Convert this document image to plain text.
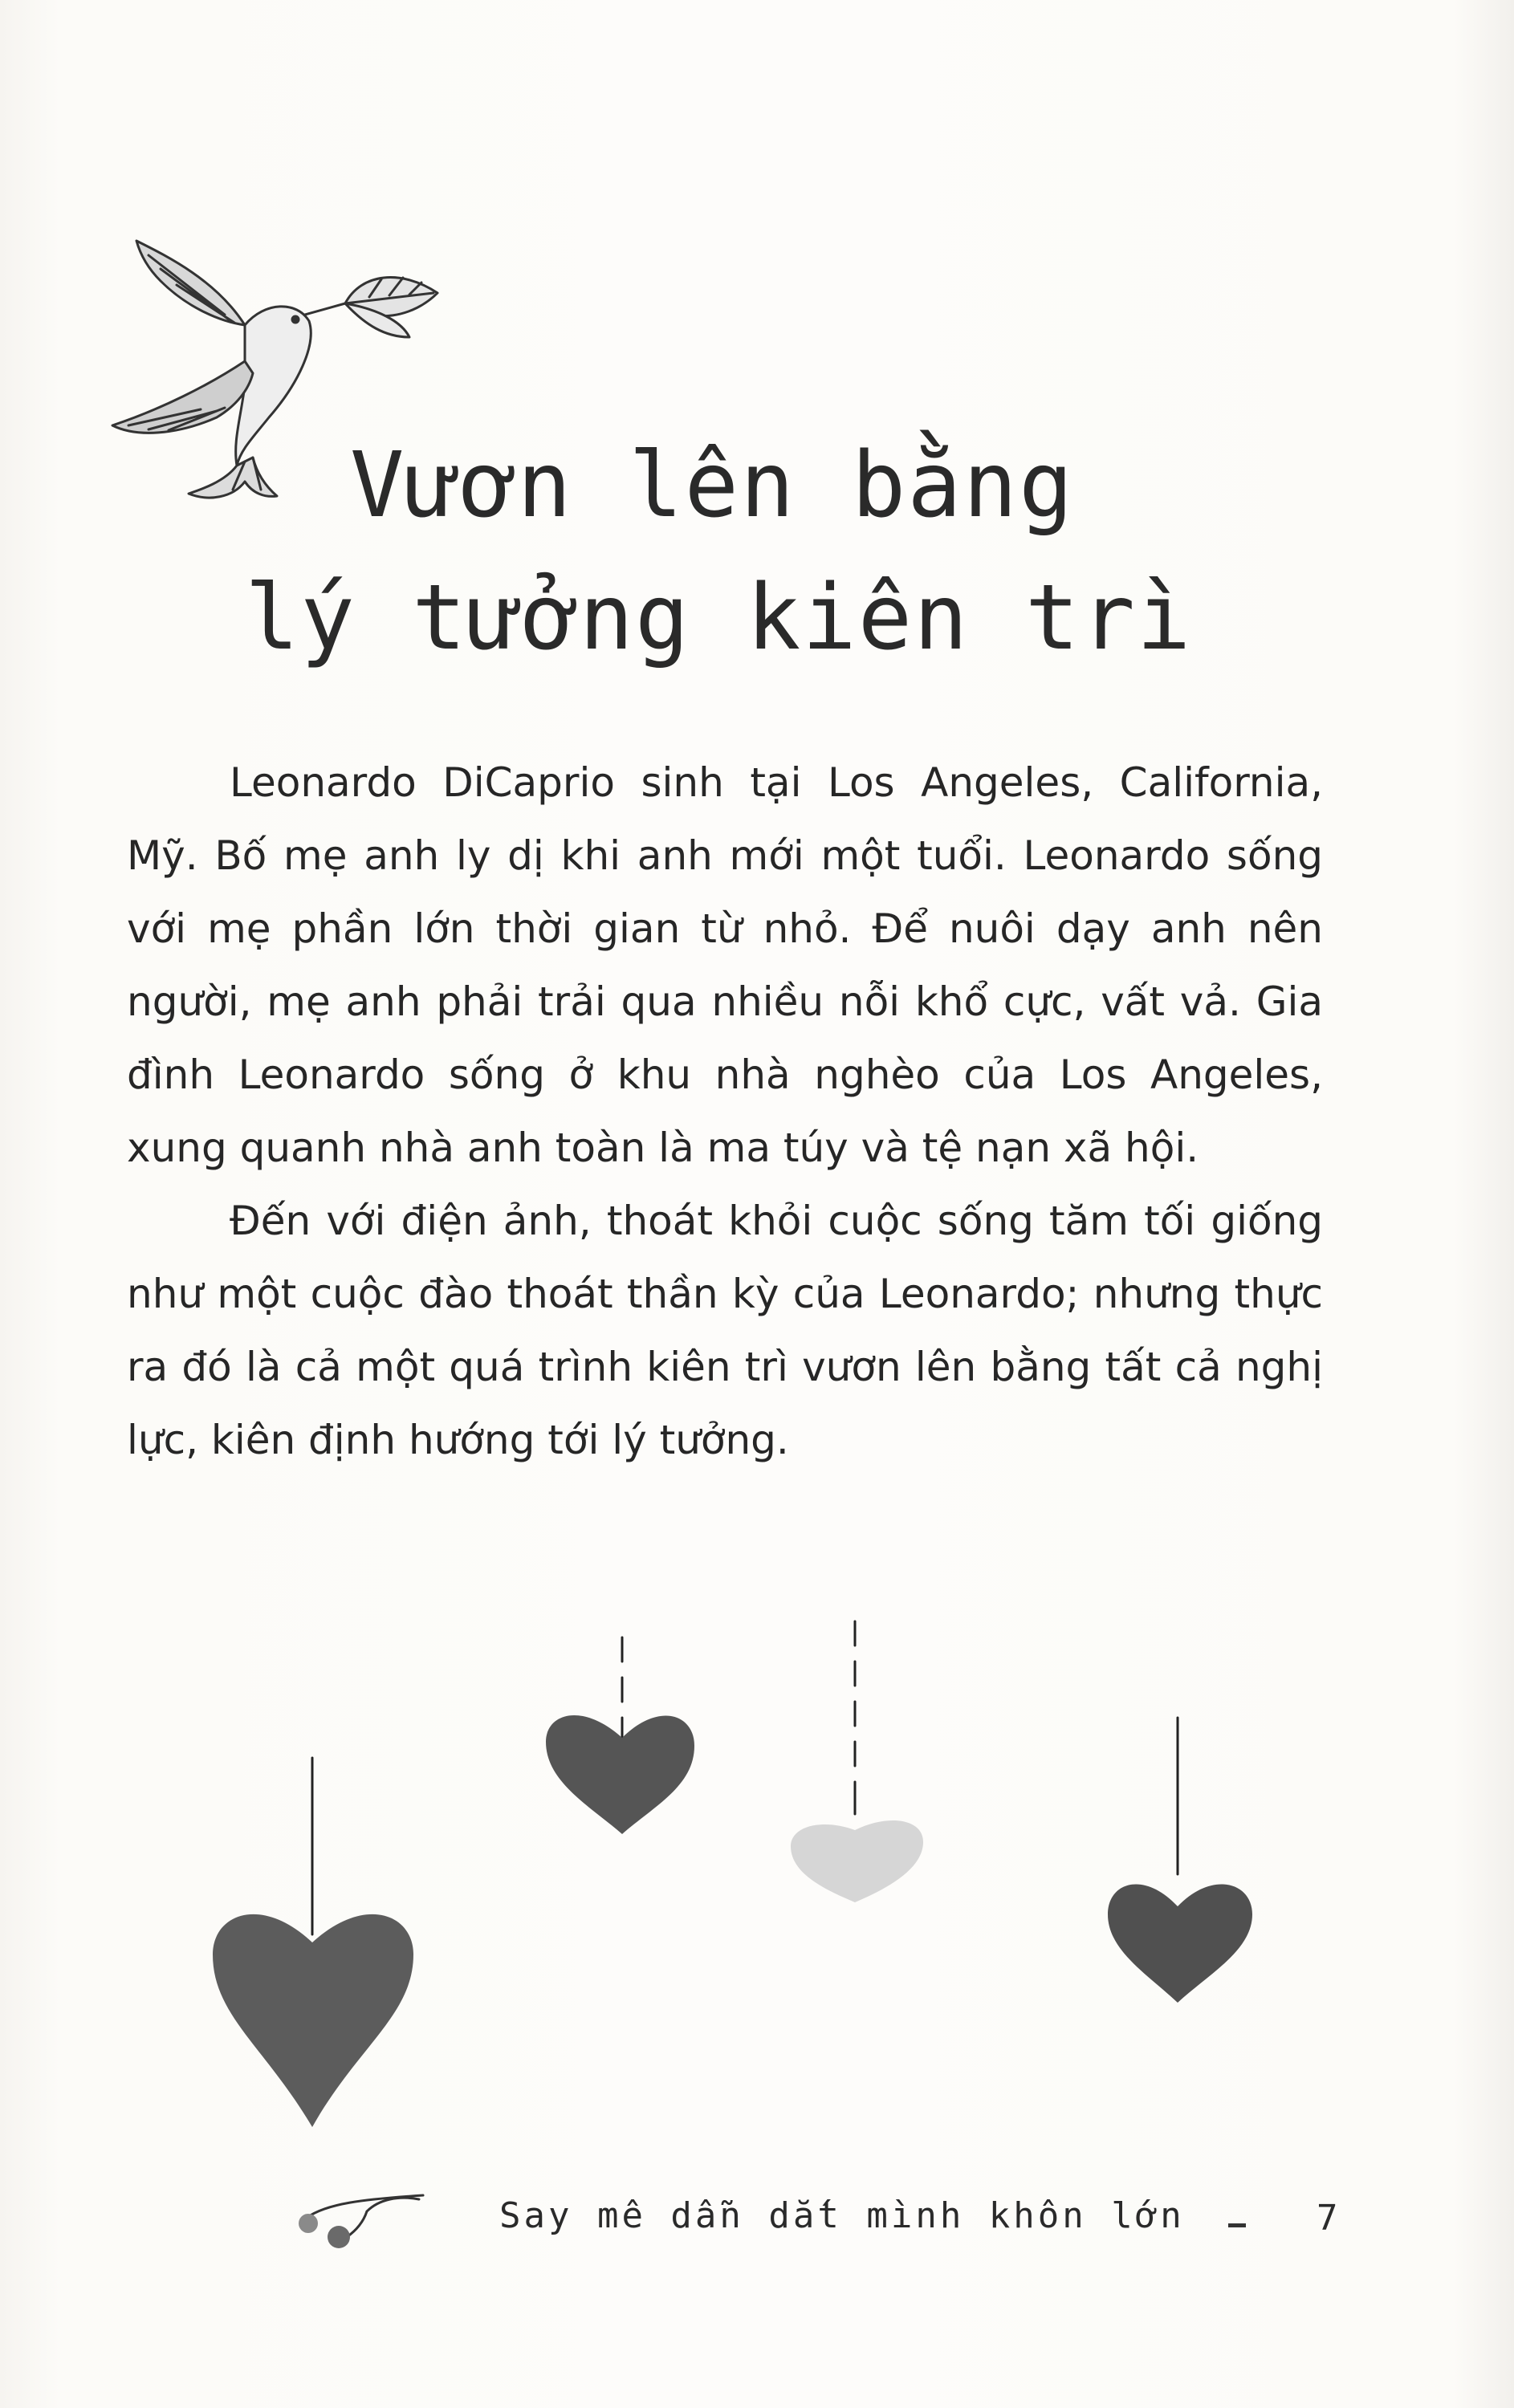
Vươn lên bằng
lý tưởng kiên trì

Leonardo DiCaprio sinh tại Los Angeles, California, Mỹ. Bố mẹ anh ly dị khi anh mới một tuổi. Leonardo sống với mẹ phần lớn thời gian từ nhỏ. Để nuôi dạy anh nên người, mẹ anh phải trải qua nhiều nỗi khổ cực, vất vả. Gia đình Leonardo sống ở khu nhà nghèo của Los Angeles, xung quanh nhà anh toàn là ma túy và tệ nạn xã hội.

Đến với điện ảnh, thoát khỏi cuộc sống tăm tối giống như một cuộc đào thoát thần kỳ của Leonardo; nhưng thực ra đó là cả một quá trình kiên trì vươn lên bằng tất cả nghị lực, kiên định hướng tới lý tưởng.

Say mê dẫn dắt mình khôn lớn	7
